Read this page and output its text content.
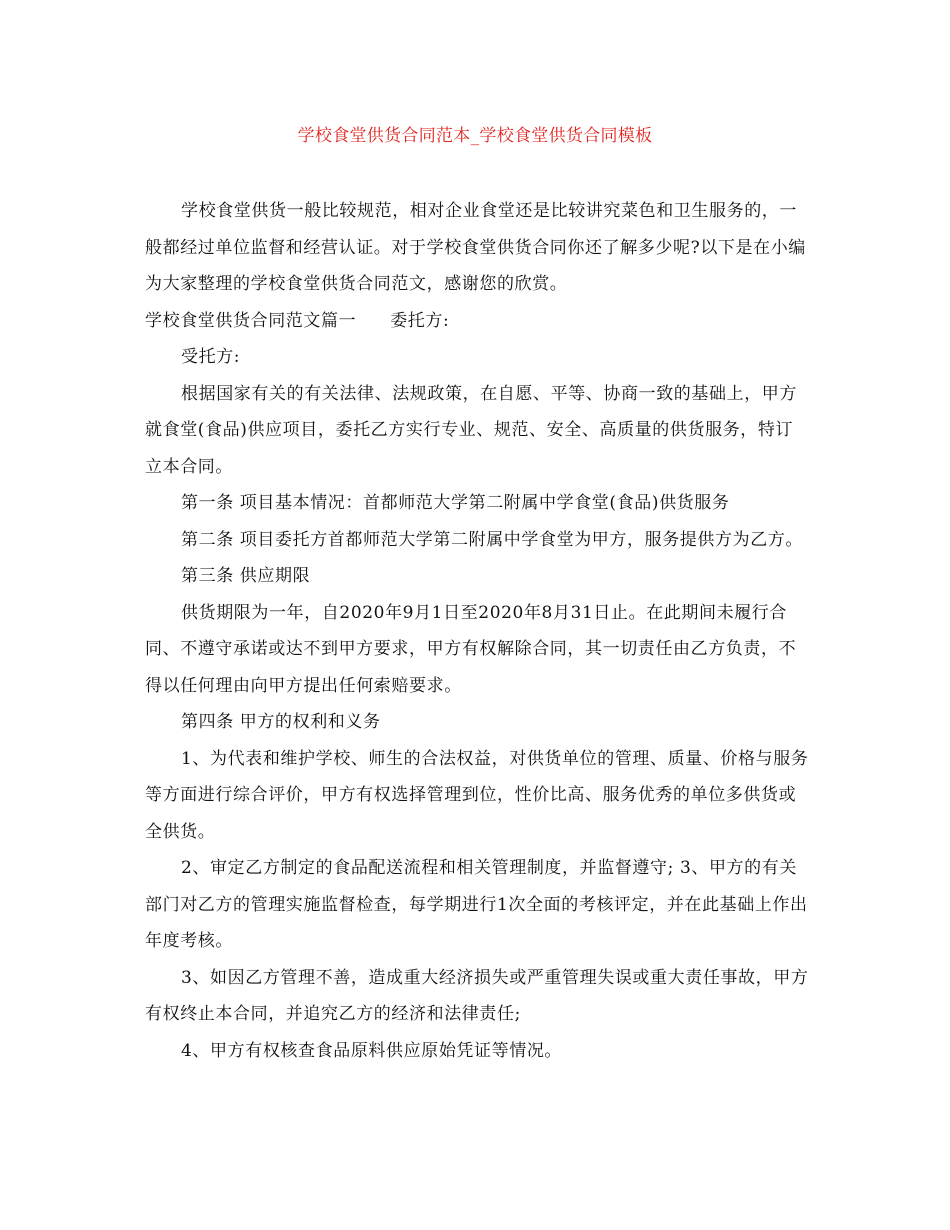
学校食堂供货合同范本_学校食堂供货合同模板

学校食堂供货一般比较规范，相对企业食堂还是比较讲究菜色和卫生服务的，一般都经过单位监督和经营认证。对于学校食堂供货合同你还了解多少呢?以下是在小编为大家整理的学校食堂供货合同范文，感谢您的欣赏。

学校食堂供货合同范文篇一 委托方:

受托方:

根据国家有关的有关法律、法规政策，在自愿、平等、协商一致的基础上，甲方就食堂(食品)供应项目，委托乙方实行专业、规范、安全、高质量的供货服务，特订立本合同。

第一条 项目基本情况：首都师范大学第二附属中学食堂(食品)供货服务

第二条 项目委托方首都师范大学第二附属中学食堂为甲方，服务提供方为乙方。

第三条 供应期限

供货期限为一年，自2020年9月1日至2020年8月31日止。在此期间未履行合同、不遵守承诺或达不到甲方要求，甲方有权解除合同，其一切责任由乙方负责，不得以任何理由向甲方提出任何索赔要求。

第四条 甲方的权利和义务

1、为代表和维护学校、师生的合法权益，对供货单位的管理、质量、价格与服务等方面进行综合评价，甲方有权选择管理到位，性价比高、服务优秀的单位多供货或全供货。

2、审定乙方制定的食品配送流程和相关管理制度，并监督遵守; 3、甲方的有关部门对乙方的管理实施监督检查，每学期进行1次全面的考核评定，并在此基础上作出年度考核。

3、如因乙方管理不善，造成重大经济损失或严重管理失误或重大责任事故，甲方有权终止本合同，并追究乙方的经济和法律责任;

4、甲方有权核查食品原料供应原始凭证等情况。
